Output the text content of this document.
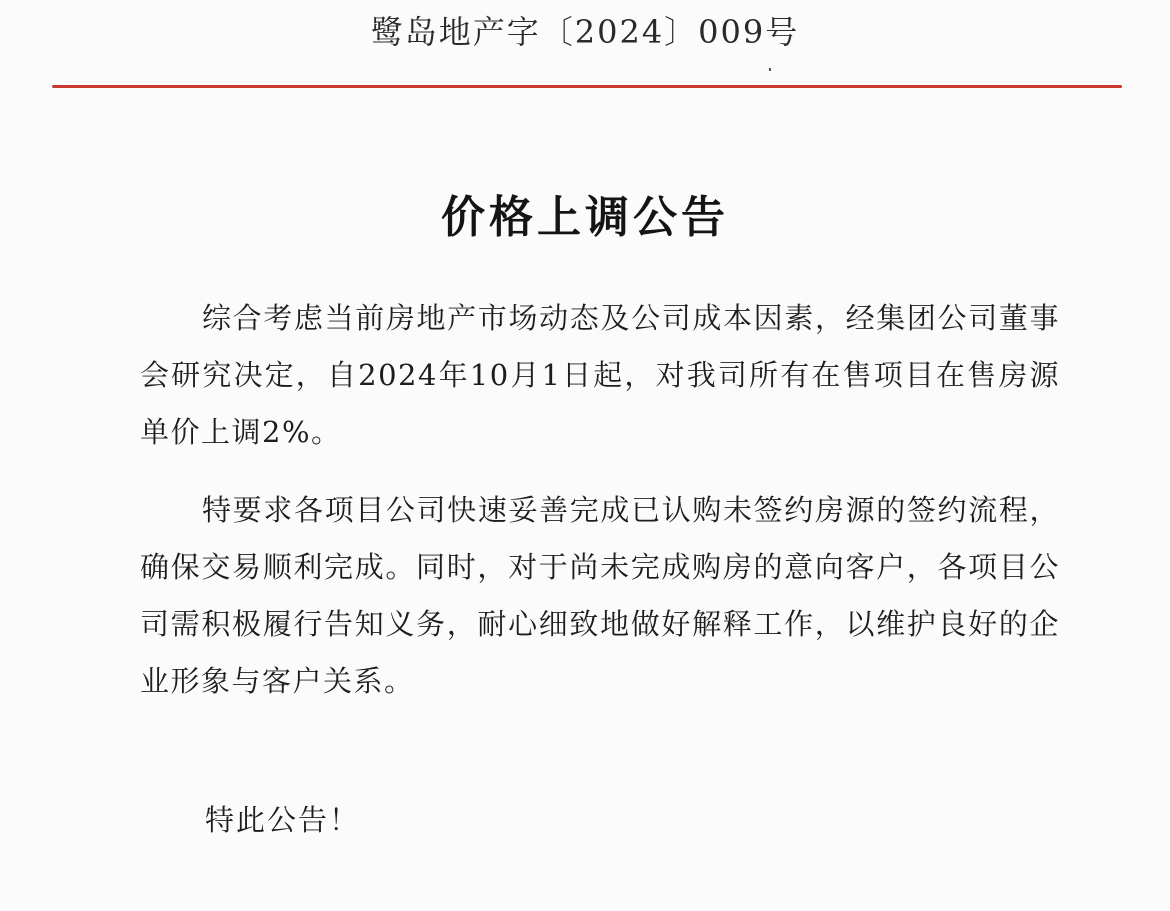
鹭岛地产字〔2024〕009号
价格上调公告

综合考虑当前房地产市场动态及公司成本因素，经集团公司董事会研究决定，自2024年10月1日起，对我司所有在售项目在售房源单价上调2%。

特要求各项目公司快速妥善完成已认购未签约房源的签约流程，确保交易顺利完成。同时，对于尚未完成购房的意向客户，各项目公司需积极履行告知义务，耐心细致地做好解释工作，以维护良好的企业形象与客户关系。

特此公告！
